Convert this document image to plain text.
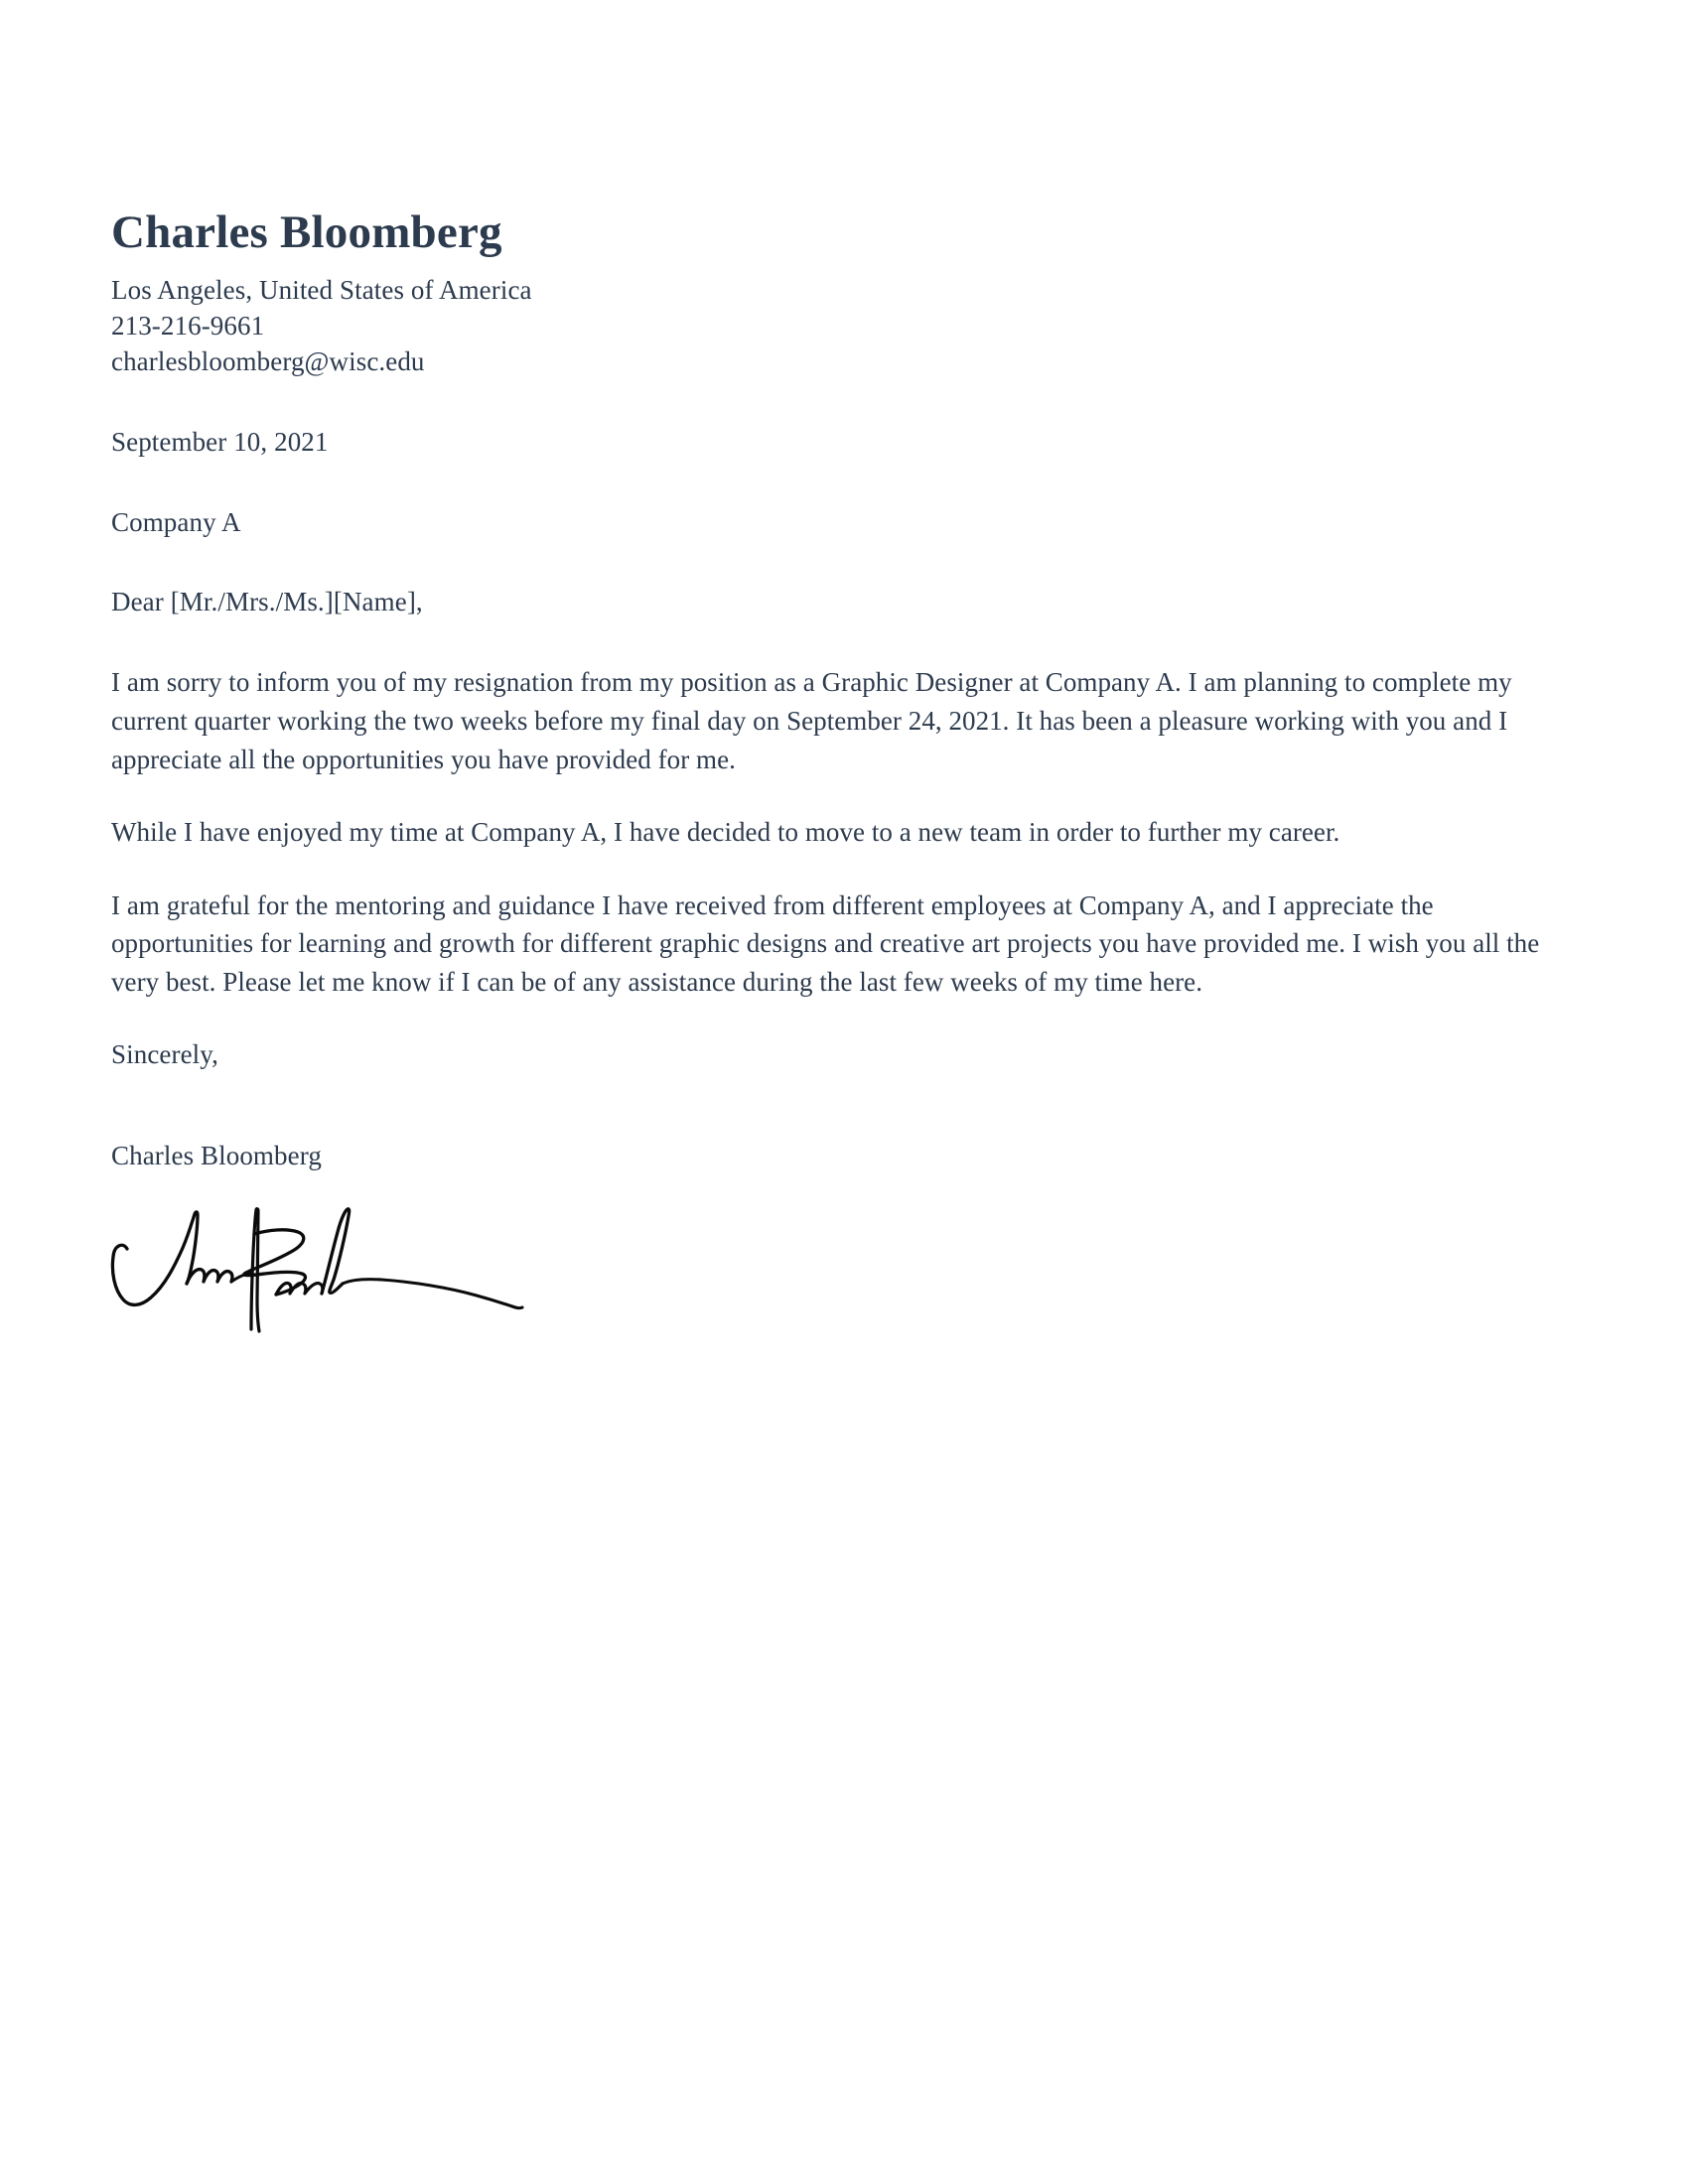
Charles Bloomberg

Los Angeles, United States of America

213-216-9661

charlesbloomberg@wisc.edu

September 10, 2021

Company A

Dear [Mr./Mrs./Ms.][Name],

I am sorry to inform you of my resignation from my position as a Graphic Designer at Company A. I am planning to complete my current quarter working the two weeks before my final day on September 24, 2021. It has been a pleasure working with you and I appreciate all the opportunities you have provided for me.

While I have enjoyed my time at Company A, I have decided to move to a new team in order to further my career.

I am grateful for the mentoring and guidance I have received from different employees at Company A, and I appreciate the opportunities for learning and growth for different graphic designs and creative art projects you have provided me. I wish you all the very best. Please let me know if I can be of any assistance during the last few weeks of my time here.

Sincerely,

Charles Bloomberg
